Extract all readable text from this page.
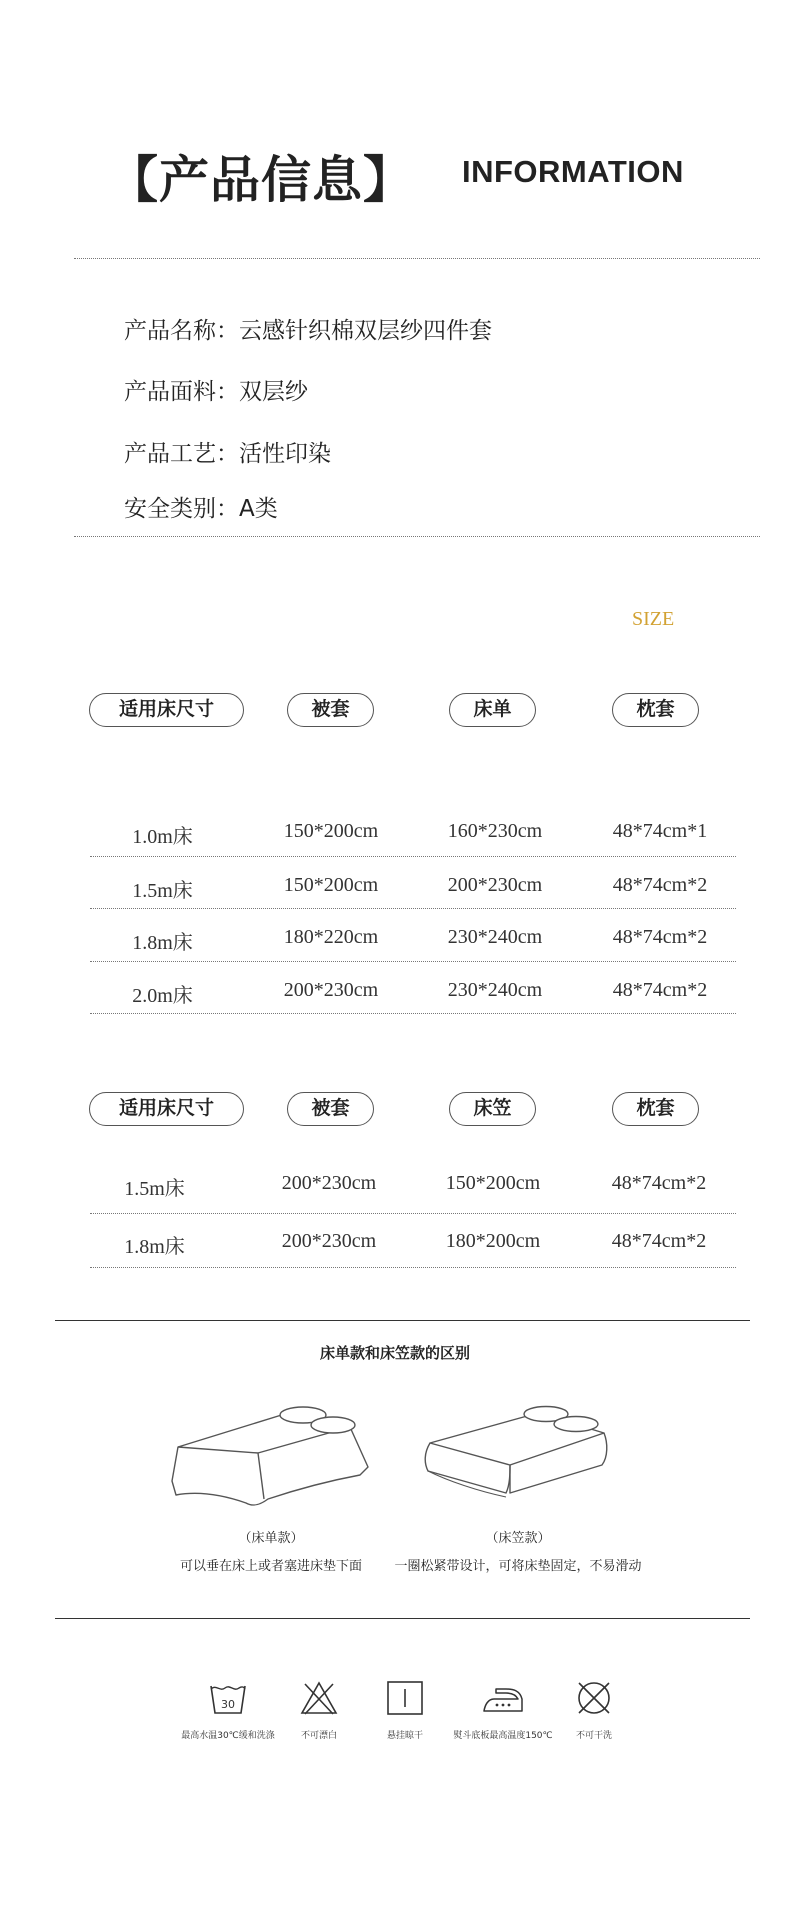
【产品信息】 INFORMATION
产品名称：云感针织棉双层纱四件套
产品面料：双层纱
产品工艺：活性印染
安全类别：A类
SIZE
适用床尺寸	被套	床单	枕套
1.0m床	150*200cm	160*230cm	48*74cm*1
1.5m床	150*200cm	200*230cm	48*74cm*2
1.8m床	180*220cm	230*240cm	48*74cm*2
2.0m床	200*230cm	230*240cm	48*74cm*2
适用床尺寸	被套	床笠	枕套
1.5m床	200*230cm	150*200cm	48*74cm*2
1.8m床	200*230cm	180*200cm	48*74cm*2
床单款和床笠款的区别
（床单款）
可以垂在床上或者塞进床垫下面
（床笠款）
一圈松紧带设计，可将床垫固定，不易滑动
30
最高水温30℃缓和洗涤	不可漂白	悬挂晾干	熨斗底板最高温度150℃	不可干洗
